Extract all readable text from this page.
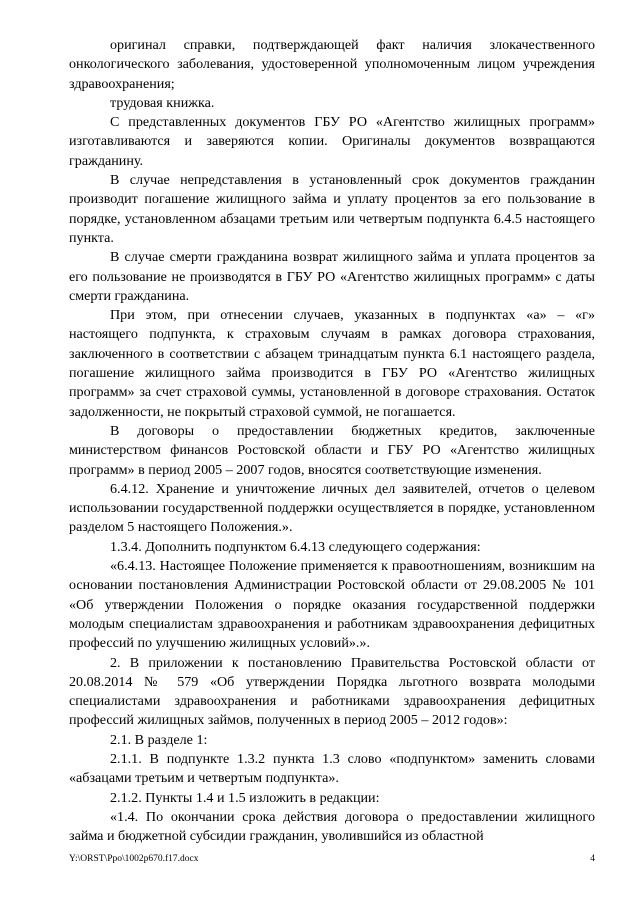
оригинал справки, подтверждающей факт наличия злокачественного онкологического заболевания, удостоверенной уполномоченным лицом учреждения здравоохранения;

трудовая книжка.

С представленных документов ГБУ РО «Агентство жилищных программ» изготавливаются и заверяются копии. Оригиналы документов возвращаются гражданину.

В случае непредставления в установленный срок документов гражданин производит погашение жилищного займа и уплату процентов за его пользование в порядке, установленном абзацами третьим или четвертым подпункта 6.4.5 настоящего пункта.

В случае смерти гражданина возврат жилищного займа и уплата процентов за его пользование не производятся в ГБУ РО «Агентство жилищных программ» с даты смерти гражданина.

При этом, при отнесении случаев, указанных в подпунктах «а» – «г» настоящего подпункта, к страховым случаям в рамках договора страхования, заключенного в соответствии с абзацем тринадцатым пункта 6.1 настоящего раздела, погашение жилищного займа производится в ГБУ РО «Агентство жилищных программ» за счет страховой суммы, установленной в договоре страхования. Остаток задолженности, не покрытый страховой суммой, не погашается.

В договоры о предоставлении бюджетных кредитов, заключенные министерством финансов Ростовской области и ГБУ РО «Агентство жилищных программ» в период 2005 – 2007 годов, вносятся соответствующие изменения.

6.4.12. Хранение и уничтожение личных дел заявителей, отчетов о целевом использовании государственной поддержки осуществляется в порядке, установленном разделом 5 настоящего Положения.».

1.3.4. Дополнить подпунктом 6.4.13 следующего содержания:

«6.4.13. Настоящее Положение применяется к правоотношениям, возникшим на основании постановления Администрации Ростовской области от 29.08.2005 № 101 «Об утверждении Положения о порядке оказания государственной поддержки молодым специалистам здравоохранения и работникам здравоохранения дефицитных профессий по улучшению жилищных условий».».

2. В приложении к постановлению Правительства Ростовской области от 20.08.2014 № 579 «Об утверждении Порядка льготного возврата молодыми специалистами здравоохранения и работниками здравоохранения дефицитных профессий жилищных займов, полученных в период 2005 – 2012 годов»:

2.1. В разделе 1:

2.1.1. В подпункте 1.3.2 пункта 1.3 слово «подпунктом» заменить словами «абзацами третьим и четвертым подпункта».

2.1.2. Пункты 1.4 и 1.5 изложить в редакции:

«1.4. По окончании срока действия договора о предоставлении жилищного займа и бюджетной субсидии гражданин, уволившийся из областной

Y:\ORST\Ppo\1002p670.f17.docx	4
